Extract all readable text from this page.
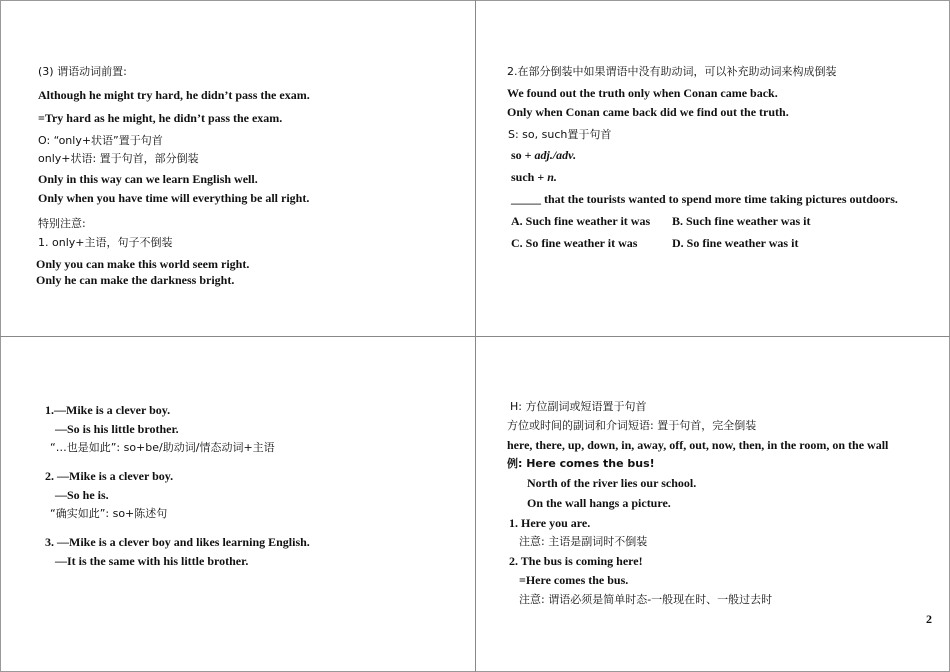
(3) 谓语动词前置:
Although he might try hard, he didn’t pass the exam.
=Try hard as he might, he didn’t pass the exam.
O: “only+状语”置于句首
only+状语: 置于句首，部分倒装
Only in this way can we learn English well.
Only when you have time will everything be all right.
特别注意:
1. only+主语，句子不倒装
Only you can make this world seem right.
Only he can make the darkness bright.
2.在部分倒装中如果谓语中没有助动词，可以补充助动词来构成倒装
We found out the truth only when Conan came back.
Only when Conan came back did we find out the truth.
S: so, such置于句首
so + adj./adv.
such + n.
_____ that the tourists wanted to spend more time taking pictures outdoors.
A. Such fine weather it was B. Such fine weather was it
C. So fine weather it was	D. So fine weather was it
1.—Mike is a clever boy.
—So is his little brother.
“…也是如此”: so+be/助动词/情态动词+主语
2. —Mike is a clever boy.
—So he is.
“确实如此”: so+陈述句
3. —Mike is a clever boy and likes learning English.
—It is the same with his little brother.
H: 方位副词或短语置于句首
方位或时间的副词和介词短语: 置于句首，完全倒装
here, there, up, down, in, away, off, out, now, then, in the room, on the wall
例: Here comes the bus!
North of the river lies our school.
On the wall hangs a picture.
1. Here you are.
注意: 主语是副词时不倒装
2. The bus is coming here!
=Here comes the bus.
注意: 谓语必须是简单时态-一般现在时、一般过去时
2
